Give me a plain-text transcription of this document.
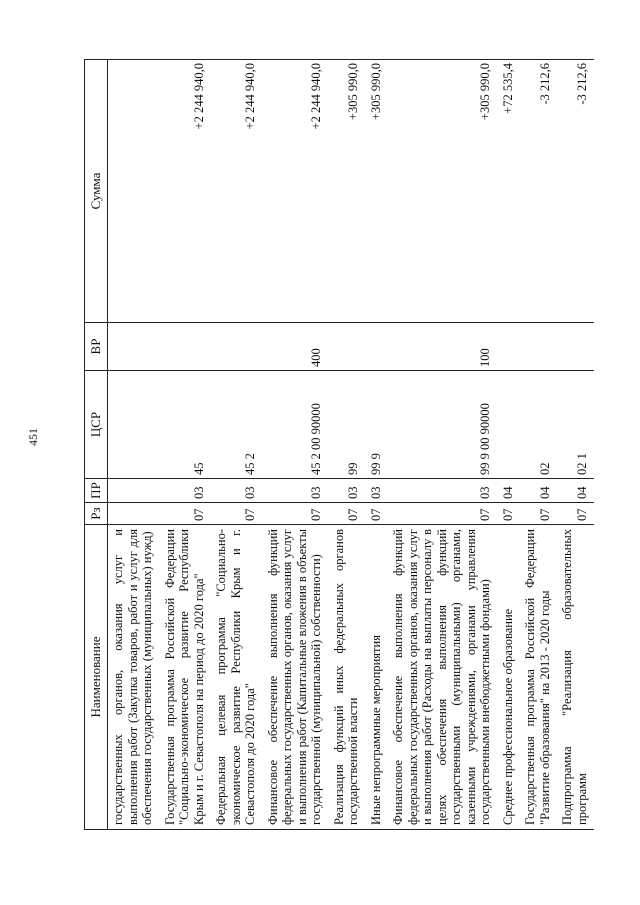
451
Наименование	Рз	ПР	ЦСР	ВР	Сумма
государственных органов, оказания услуг и выполнения работ (Закупка товаров, работ и услуг для обеспечения государственных (муниципальных) нужд)					
Государственная программа Российской Федерации "Социально-экономическое развитие Республики Крым и г. Севастополя на период до 2020 года"	07	03	45		+2 244 940,0
Федеральная целевая программа "Социально-экономическое развитие Республики Крым и г. Севастополя до 2020 года"	07	03	45 2		+2 244 940,0
Финансовое обеспечение выполнения функций федеральных государственных органов, оказания услуг и выполнения работ (Капитальные вложения в объекты государственной (муниципальной) собственности)	07	03	45 2 00 90000	400	+2 244 940,0
Реализация функций иных федеральных органов государственной власти	07	03	99		+305 990,0
Иные непрограммные мероприятия	07	03	99 9		+305 990,0
Финансовое обеспечение выполнения функций федеральных государственных органов, оказания услуг и выполнения работ (Расходы на выплаты персоналу в целях обеспечения выполнения функций государственными (муниципальными) органами, казенными учреждениями, органами управления государственными внебюджетными фондами)	07	03	99 9 00 90000	100	+305 990,0
Среднее профессиональное образование	07	04			+72 535,4
Государственная программа Российской Федерации "Развитие образования" на 2013 - 2020 годы	07	04	02		-3 212,6
Подпрограмма "Реализация образовательных программ	07	04	02 1		-3 212,6
